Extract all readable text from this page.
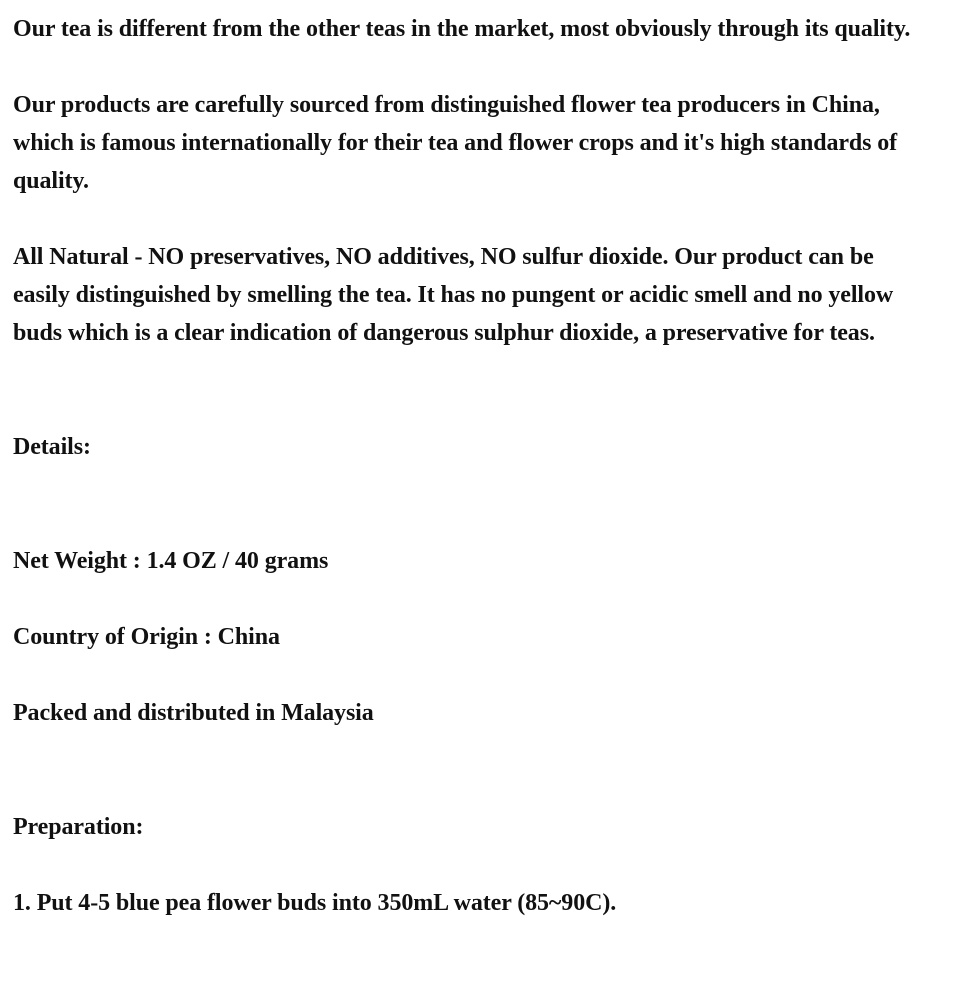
Our tea is different from the other teas in the market, most obviously through its quality.

Our products are carefully sourced from distinguished flower tea producers in China, which is famous internationally for their tea and flower crops and it's high standards of quality.

All Natural - NO preservatives, NO additives, NO sulfur dioxide. Our product can be easily distinguished by smelling the tea. It has no pungent or acidic smell and no yellow buds which is a clear indication of dangerous sulphur dioxide, a preservative for teas.

Details:

Net Weight : 1.4 OZ / 40 grams

Country of Origin : China

Packed and distributed in Malaysia

Preparation:

1. Put 4-5 blue pea flower buds into 350mL water (85~90C).
